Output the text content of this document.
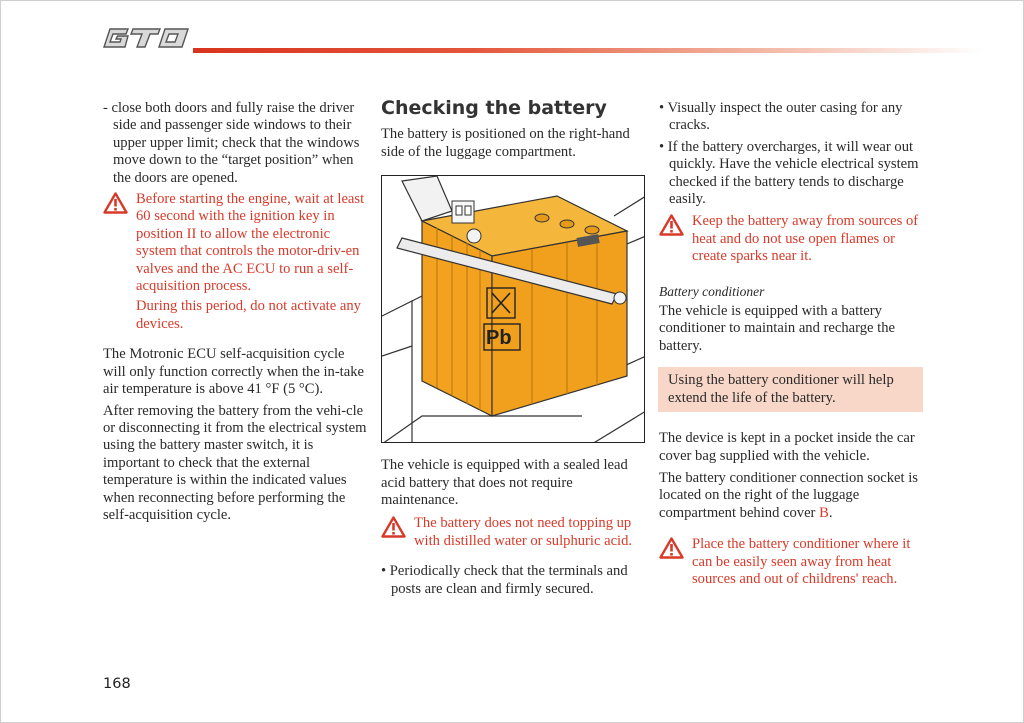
GTO

- close both doors and fully raise the driver side and passenger side windows to their upper upper limit; check that the windows move down to the “target position” when the doors are opened.

Before starting the engine, wait at least 60 second with the ignition key in position II to allow the electronic system that controls the motor-driv-en valves and the AC ECU to run a self-acquisition process.

During this period, do not activate any devices.

The Motronic ECU self-acquisition cycle will only function correctly when the in-take air temperature is above 41 °F (5 °C).

After removing the battery from the vehi-cle or disconnecting it from the electrical system using the battery master switch, it is important to check that the external temperature is within the indicated values when reconnecting before performing the self-acquisition cycle.

Checking the battery

The battery is positioned on the right-hand side of the luggage compartment.

Pb

The vehicle is equipped with a sealed lead acid battery that does not require maintenance.

The battery does not need topping up with distilled water or sulphuric acid.

• Periodically check that the terminals and posts are clean and firmly secured.

• Visually inspect the outer casing for any cracks.

• If the battery overcharges, it will wear out quickly. Have the vehicle electrical system checked if the battery tends to discharge easily.

Keep the battery away from sources of heat and do not use open flames or create sparks near it.

Battery conditioner

The vehicle is equipped with a battery conditioner to maintain and recharge the battery.

Using the battery conditioner will help extend the life of the battery.

The device is kept in a pocket inside the car cover bag supplied with the vehicle.

The battery conditioner connection socket is located on the right of the luggage compartment behind cover B.

Place the battery conditioner where it can be easily seen away from heat sources and out of childrens' reach.

168
